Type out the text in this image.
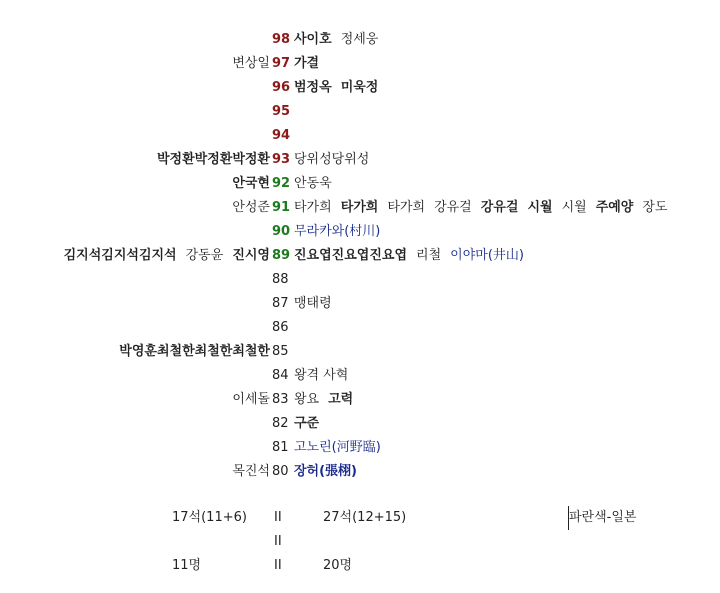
98 사이호 정세웅
변상일 97 가결
96 범정옥 미욱정
95
94
박정환박정환박정환 93 당위성당위성
안국현 92 안동욱
안성준 91 타가희 타가희 타가희 강유걸 강유걸 시월 시월 주예양 장도
90 무라카와(村川)
김지석김지석김지석 강동윤 진시영 89 진요엽진요엽진요엽 리철 이야마(井山)
88
87 맹태령
86
박영훈최철한최철한최철한 85
84 왕격 사혁
이세돌 83 왕요 고력
82 구준
81 고노린(河野臨)
목진석 80 장허(張栩)
17석(11+6) II	27석(12+15)	파란색-일본
II
11명	II	20명
